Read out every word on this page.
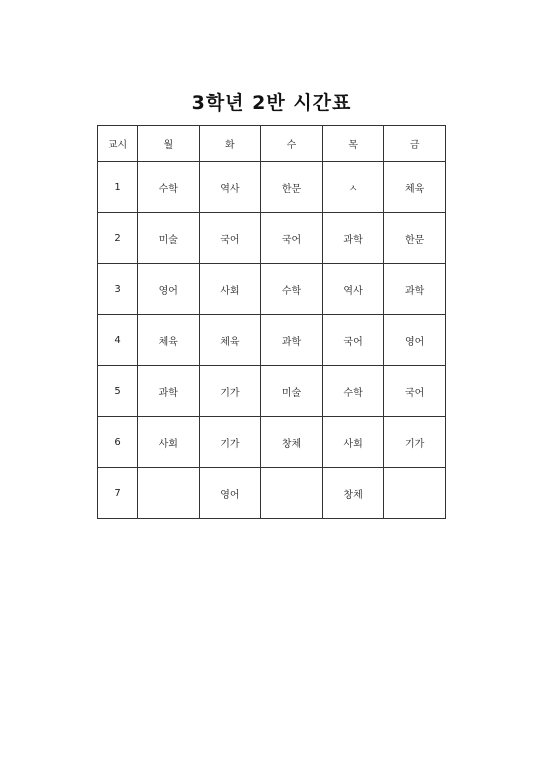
3학년 2반 시간표
교시	월	화	수	목	금
1	수학	역사	한문	ㅅ	체육
2	미술	국어	국어	과학	한문
3	영어	사회	수학	역사	과학
4	체육	체육	과학	국어	영어
5	과학	기가	미술	수학	국어
6	사회	기가	창체	사회	기가
7		영어		창체	
